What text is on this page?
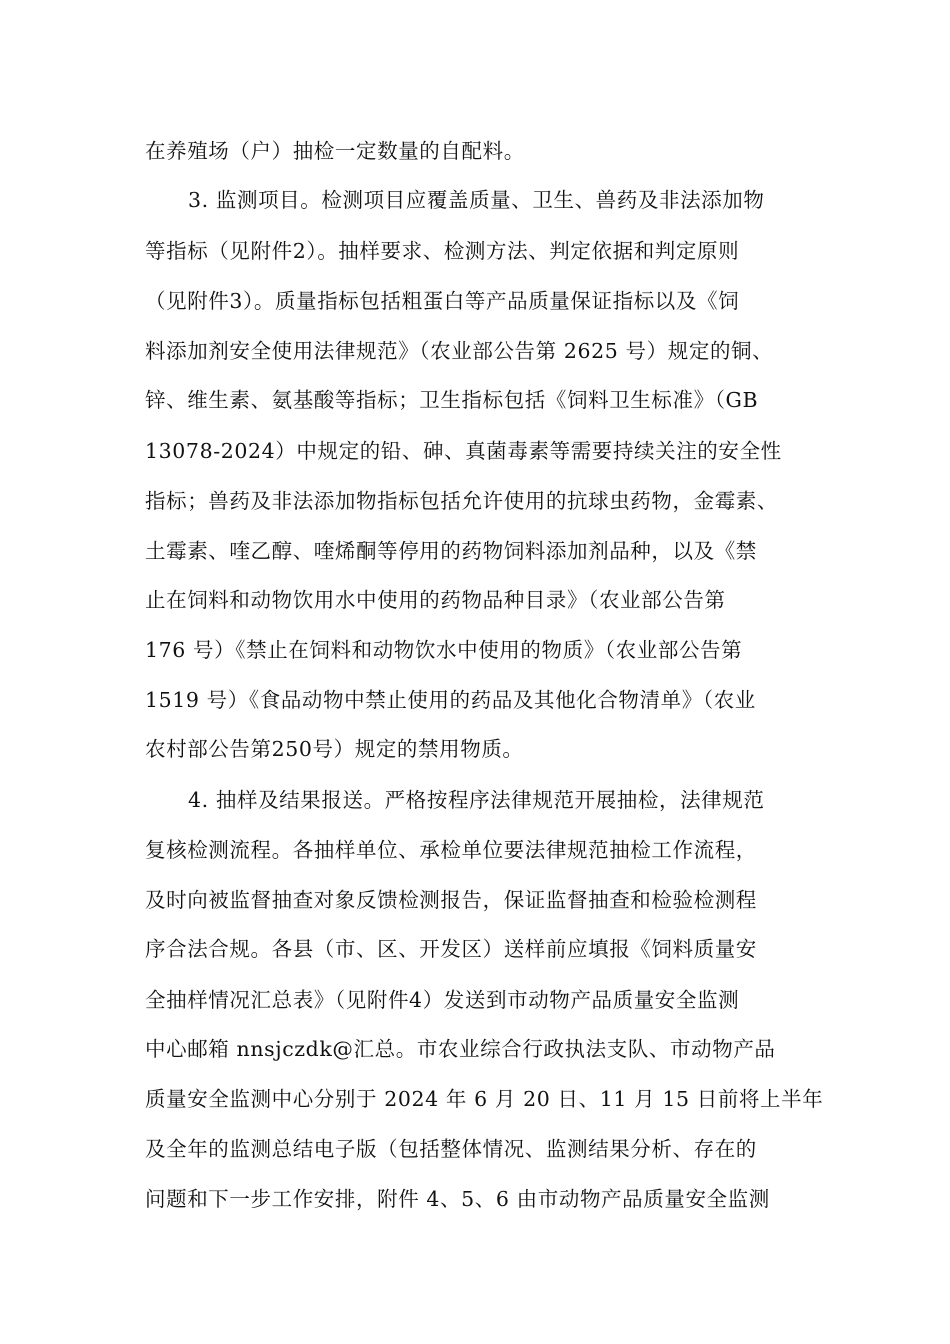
在养殖场（户）抽检一定数量的自配料。
3. 监测项目。检测项目应覆盖质量、卫生、兽药及非法添加物
等指标（见附件2）。抽样要求、检测方法、判定依据和判定原则
（见附件3）。质量指标包括粗蛋白等产品质量保证指标以及《饲
料添加剂安全使用法律规范》（农业部公告第 2625 号）规定的铜、
锌、维生素、氨基酸等指标；卫生指标包括《饲料卫生标准》（GB
13078-2024）中规定的铅、砷、真菌毒素等需要持续关注的安全性
指标；兽药及非法添加物指标包括允许使用的抗球虫药物，金霉素、
土霉素、喹乙醇、喹烯酮等停用的药物饲料添加剂品种，以及《禁
止在饲料和动物饮用水中使用的药物品种目录》（农业部公告第
176 号）《禁止在饲料和动物饮水中使用的物质》（农业部公告第
1519 号）《食品动物中禁止使用的药品及其他化合物清单》（农业
农村部公告第250号）规定的禁用物质。
4. 抽样及结果报送。严格按程序法律规范开展抽检，法律规范
复核检测流程。各抽样单位、承检单位要法律规范抽检工作流程，
及时向被监督抽查对象反馈检测报告，保证监督抽查和检验检测程
序合法合规。各县（市、区、开发区）送样前应填报《饲料质量安
全抽样情况汇总表》（见附件4）发送到市动物产品质量安全监测
中心邮箱 nnsjczdk@汇总。市农业综合行政执法支队、市动物产品
质量安全监测中心分别于 2024 年 6 月 20 日、11 月 15 日前将上半年
及全年的监测总结电子版（包括整体情况、监测结果分析、存在的
问题和下一步工作安排，附件 4、5、6 由市动物产品质量安全监测
